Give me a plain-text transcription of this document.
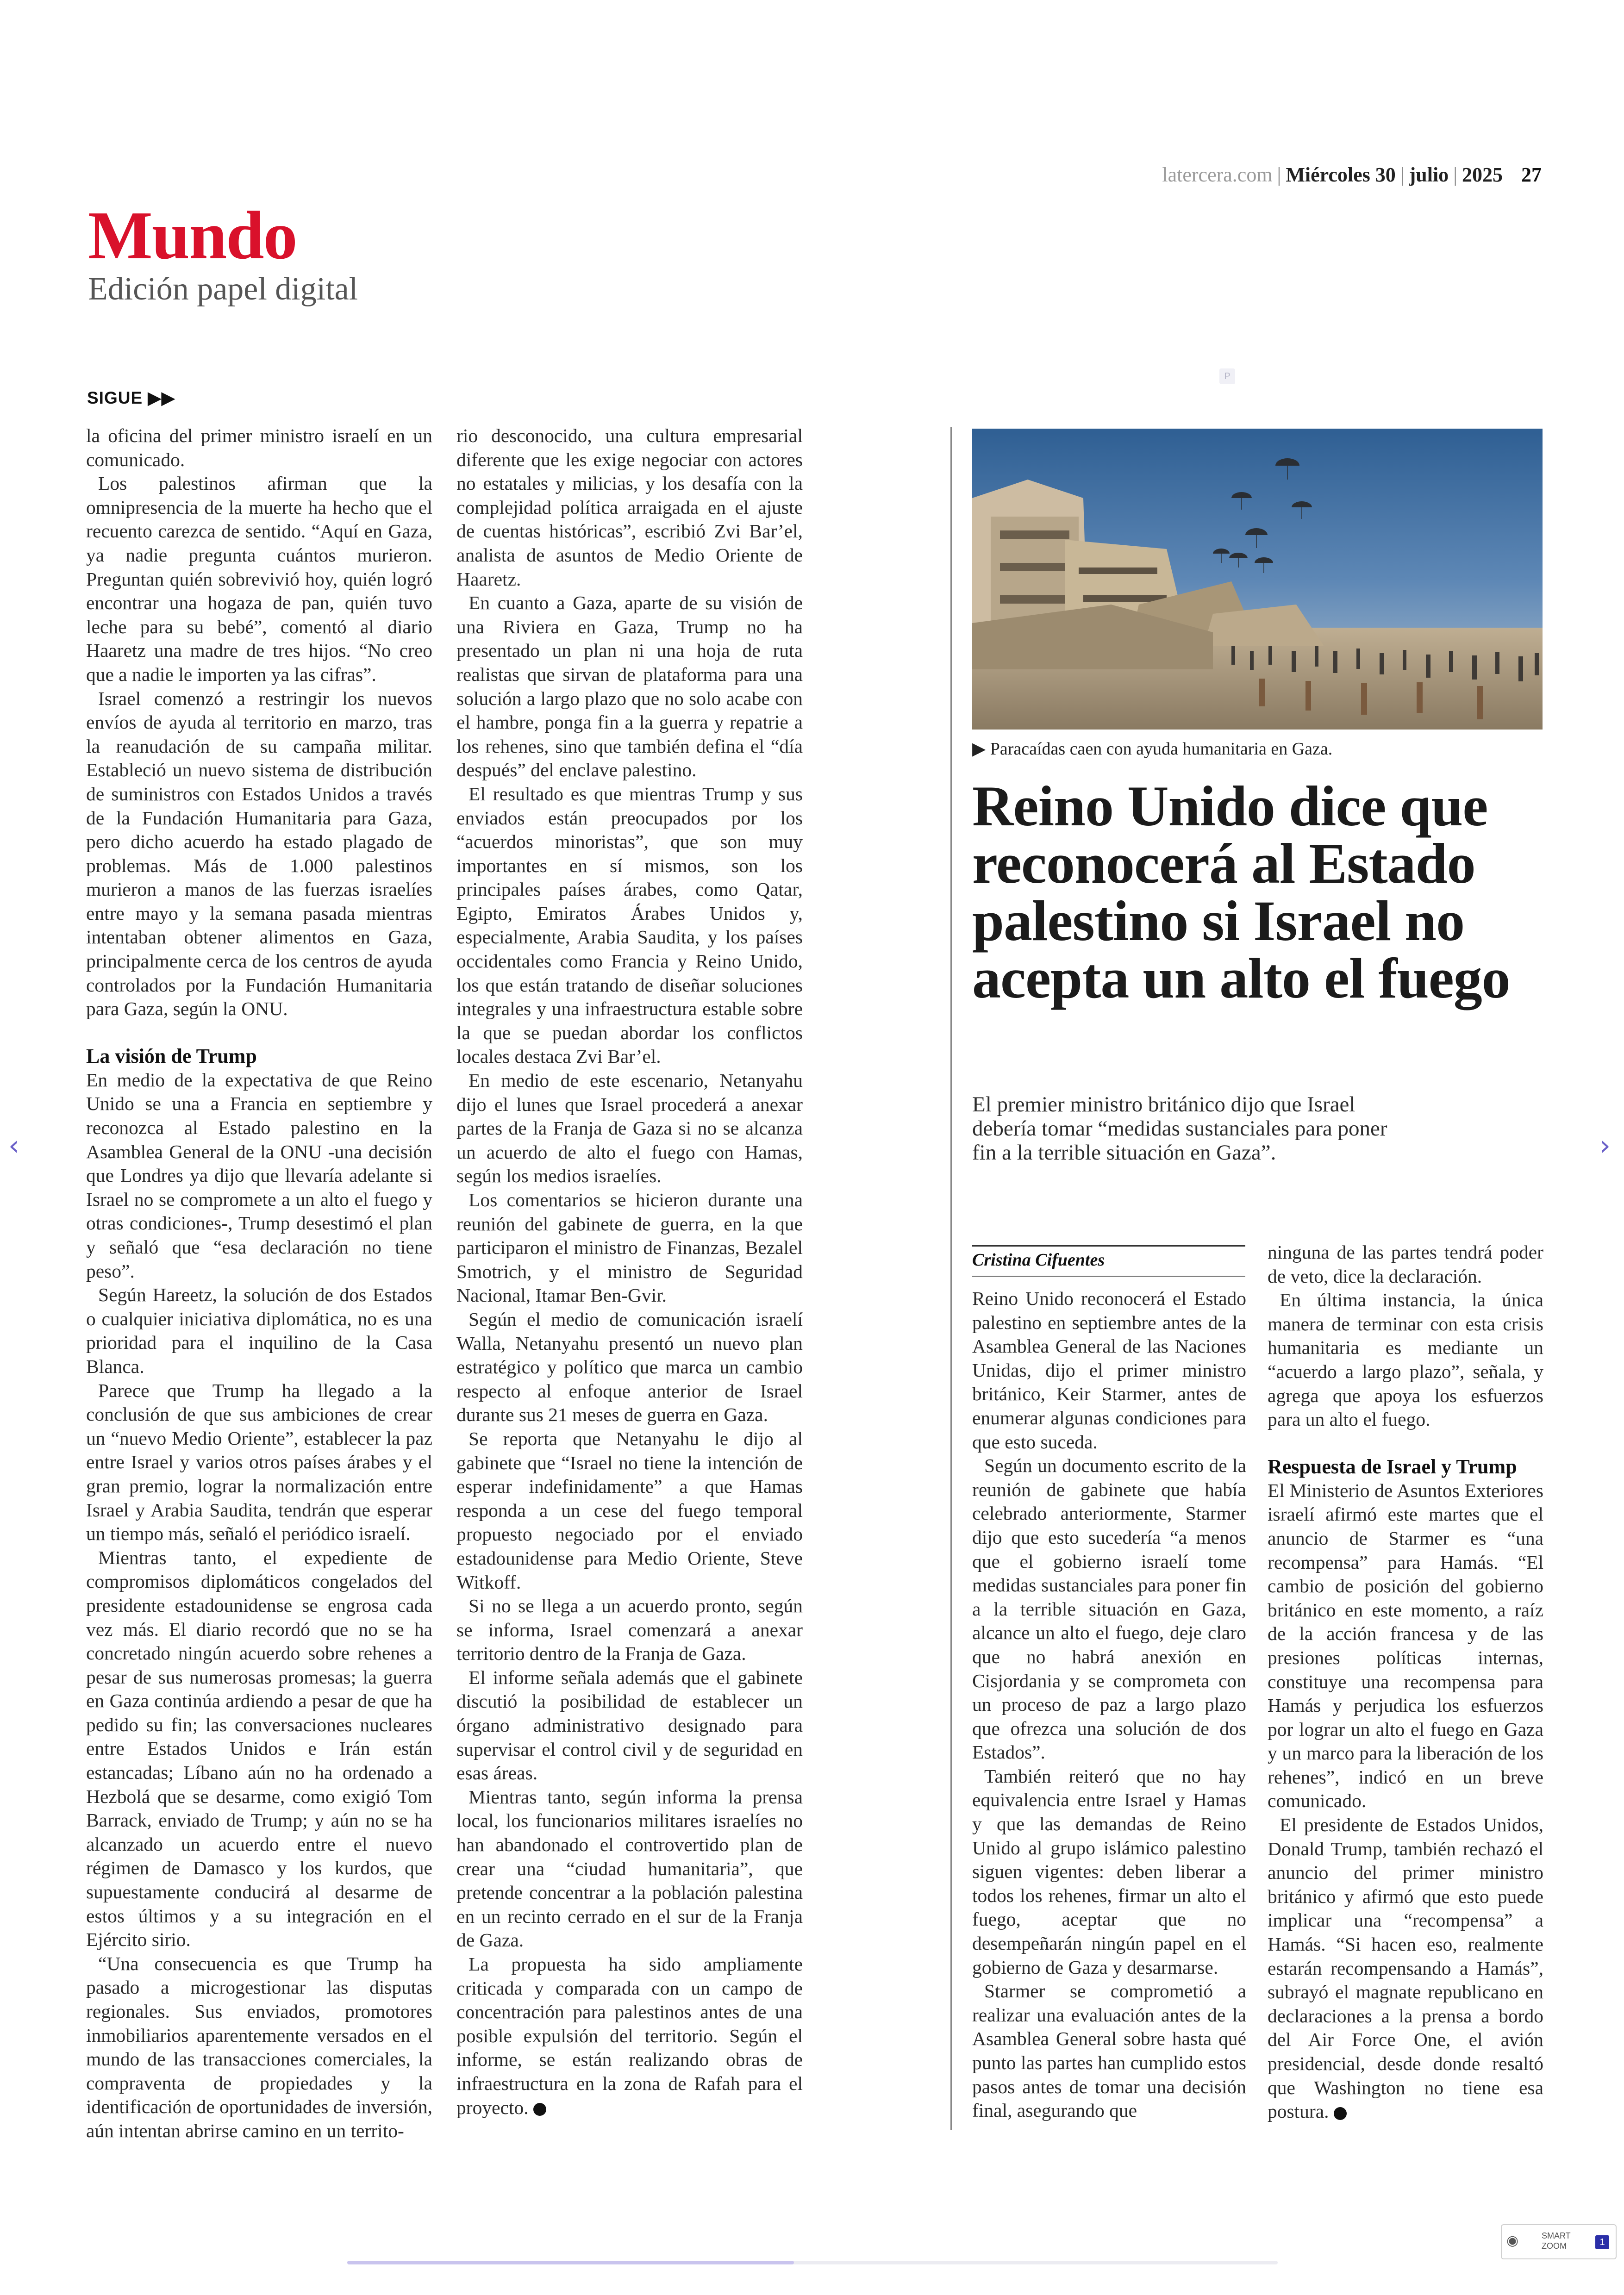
latercera.com | Miércoles 30 | julio | 2025 27
Mundo
Edición papel digital
SIGUE ▶▶
P

la oficina del primer ministro israelí en un comunicado.

Los palestinos afirman que la omnipresencia de la muerte ha hecho que el recuento carezca de sentido. “Aquí en Gaza, ya nadie pregunta cuántos murieron. Preguntan quién sobrevivió hoy, quién logró encontrar una hogaza de pan, quién tuvo leche para su bebé”, comentó al diario Haaretz una madre de tres hijos. “No creo que a nadie le importen ya las cifras”.

Israel comenzó a restringir los nuevos envíos de ayuda al territorio en marzo, tras la reanudación de su campaña militar. Estableció un nuevo sistema de distribución de suministros con Estados Unidos a través de la Fundación Humanitaria para Gaza, pero dicho acuerdo ha estado plagado de problemas. Más de 1.000 palestinos murieron a manos de las fuerzas israelíes entre mayo y la semana pasada mientras intentaban obtener alimentos en Gaza, principalmente cerca de los centros de ayuda controlados por la Fundación Humanitaria para Gaza, según la ONU.

La visión de Trump

En medio de la expectativa de que Reino Unido se una a Francia en septiembre y reconozca al Estado palestino en la Asamblea General de la ONU -una decisión que Londres ya dijo que llevaría adelante si Israel no se compromete a un alto el fuego y otras condiciones-, Trump desestimó el plan y señaló que “esa declaración no tiene peso”.

Según Hareetz, la solución de dos Estados o cualquier iniciativa diplomática, no es una prioridad para el inquilino de la Casa Blanca.

Parece que Trump ha llegado a la conclusión de que sus ambiciones de crear un “nuevo Medio Oriente”, establecer la paz entre Israel y varios otros países árabes y el gran premio, lograr la normalización entre Israel y Arabia Saudita, tendrán que esperar un tiempo más, señaló el periódico israelí.

Mientras tanto, el expediente de compromisos diplomáticos congelados del presidente estadounidense se engrosa cada vez más. El diario recordó que no se ha concretado ningún acuerdo sobre rehenes a pesar de sus numerosas promesas; la guerra en Gaza continúa ardiendo a pesar de que ha pedido su fin; las conversaciones nucleares entre Estados Unidos e Irán están estancadas; Líbano aún no ha ordenado a Hezbolá que se desarme, como exigió Tom Barrack, enviado de Trump; y aún no se ha alcanzado un acuerdo entre el nuevo régimen de Damasco y los kurdos, que supuestamente conducirá al desarme de estos últimos y a su integración en el Ejército sirio.

“Una consecuencia es que Trump ha pasado a microgestionar las disputas regionales. Sus enviados, promotores inmobiliarios aparentemente versados en el mundo de las transacciones comerciales, la compraventa de propiedades y la identificación de oportunidades de inversión, aún intentan abrirse camino en un territo-

rio desconocido, una cultura empresarial diferente que les exige negociar con actores no estatales y milicias, y los desafía con la complejidad política arraigada en el ajuste de cuentas históricas”, escribió Zvi Bar’el, analista de asuntos de Medio Oriente de Haaretz.

En cuanto a Gaza, aparte de su visión de una Riviera en Gaza, Trump no ha presentado un plan ni una hoja de ruta realistas que sirvan de plataforma para una solución a largo plazo que no solo acabe con el hambre, ponga fin a la guerra y repatrie a los rehenes, sino que también defina el “día después” del enclave palestino.

El resultado es que mientras Trump y sus enviados están preocupados por los “acuerdos minoristas”, que son muy importantes en sí mismos, son los principales países árabes, como Qatar, Egipto, Emiratos Árabes Unidos y, especialmente, Arabia Saudita, y los países occidentales como Francia y Reino Unido, los que están tratando de diseñar soluciones integrales y una infraestructura estable sobre la que se puedan abordar los conflictos locales destaca Zvi Bar’el.

En medio de este escenario, Netanyahu dijo el lunes que Israel procederá a anexar partes de la Franja de Gaza si no se alcanza un acuerdo de alto el fuego con Hamas, según los medios israelíes.

Los comentarios se hicieron durante una reunión del gabinete de guerra, en la que participaron el ministro de Finanzas, Bezalel Smotrich, y el ministro de Seguridad Nacional, Itamar Ben-Gvir.

Según el medio de comunicación israelí Walla, Netanyahu presentó un nuevo plan estratégico y político que marca un cambio respecto al enfoque anterior de Israel durante sus 21 meses de guerra en Gaza.

Se reporta que Netanyahu le dijo al gabinete que “Israel no tiene la intención de esperar indefinidamente” a que Hamas responda a un cese del fuego temporal propuesto negociado por el enviado estadounidense para Medio Oriente, Steve Witkoff.

Si no se llega a un acuerdo pronto, según se informa, Israel comenzará a anexar territorio dentro de la Franja de Gaza.

El informe señala además que el gabinete discutió la posibilidad de establecer un órgano administrativo designado para supervisar el control civil y de seguridad en esas áreas.

Mientras tanto, según informa la prensa local, los funcionarios militares israelíes no han abandonado el controvertido plan de crear una “ciudad humanitaria”, que pretende concentrar a la población palestina en un recinto cerrado en el sur de la Franja de Gaza.

La propuesta ha sido ampliamente criticada y comparada con un campo de concentración para palestinos antes de una posible expulsión del territorio. Según el informe, se están realizando obras de infraestructura en la zona de Rafah para el proyecto.

▶ Paracaídas caen con ayuda humanitaria en Gaza.
Reino Unido dice que reconocerá al Estado palestino si Israel no acepta un alto el fuego
El premier ministro británico dijo que Israel debería tomar “medidas sustanciales para poner fin a la terrible situación en Gaza”.
Cristina Cifuentes

Reino Unido reconocerá el Estado palestino en septiembre antes de la Asamblea General de las Naciones Unidas, dijo el primer ministro británico, Keir Starmer, antes de enumerar algunas condiciones para que esto suceda.

Según un documento escrito de la reunión de gabinete que había celebrado anteriormente, Starmer dijo que esto sucedería “a menos que el gobierno israelí tome medidas sustanciales para poner fin a la terrible situación en Gaza, alcance un alto el fuego, deje claro que no habrá anexión en Cisjordania y se comprometa con un proceso de paz a largo plazo que ofrezca una solución de dos Estados”.

También reiteró que no hay equivalencia entre Israel y Hamas y que las demandas de Reino Unido al grupo islámico palestino siguen vigentes: deben liberar a todos los rehenes, firmar un alto el fuego, aceptar que no desempeñarán ningún papel en el gobierno de Gaza y desarmarse.

Starmer se comprometió a realizar una evaluación antes de la Asamblea General sobre hasta qué punto las partes han cumplido estos pasos antes de tomar una decisión final, asegurando que

ninguna de las partes tendrá poder de veto, dice la declaración.

En última instancia, la única manera de terminar con esta crisis humanitaria es mediante un “acuerdo a largo plazo”, señala, y agrega que apoya los esfuerzos para un alto el fuego.

Respuesta de Israel y Trump

El Ministerio de Asuntos Exteriores israelí afirmó este martes que el anuncio de Starmer es “una recompensa” para Hamás. “El cambio de posición del gobierno británico en este momento, a raíz de la acción francesa y de las presiones políticas internas, constituye una recompensa para Hamás y perjudica los esfuerzos por lograr un alto el fuego en Gaza y un marco para la liberación de los rehenes”, indicó en un breve comunicado.

El presidente de Estados Unidos, Donald Trump, también rechazó el anuncio del primer ministro británico y afirmó que esto puede implicar una “recompensa” a Hamás. “Si hacen eso, realmente estarán recompensando a Hamás”, subrayó el magnate republicano en declaraciones a la prensa a bordo del Air Force One, el avión presidencial, desde donde resaltó que Washington no tiene esa postura.

‹	›
◉	SMART
ZOOM	1
